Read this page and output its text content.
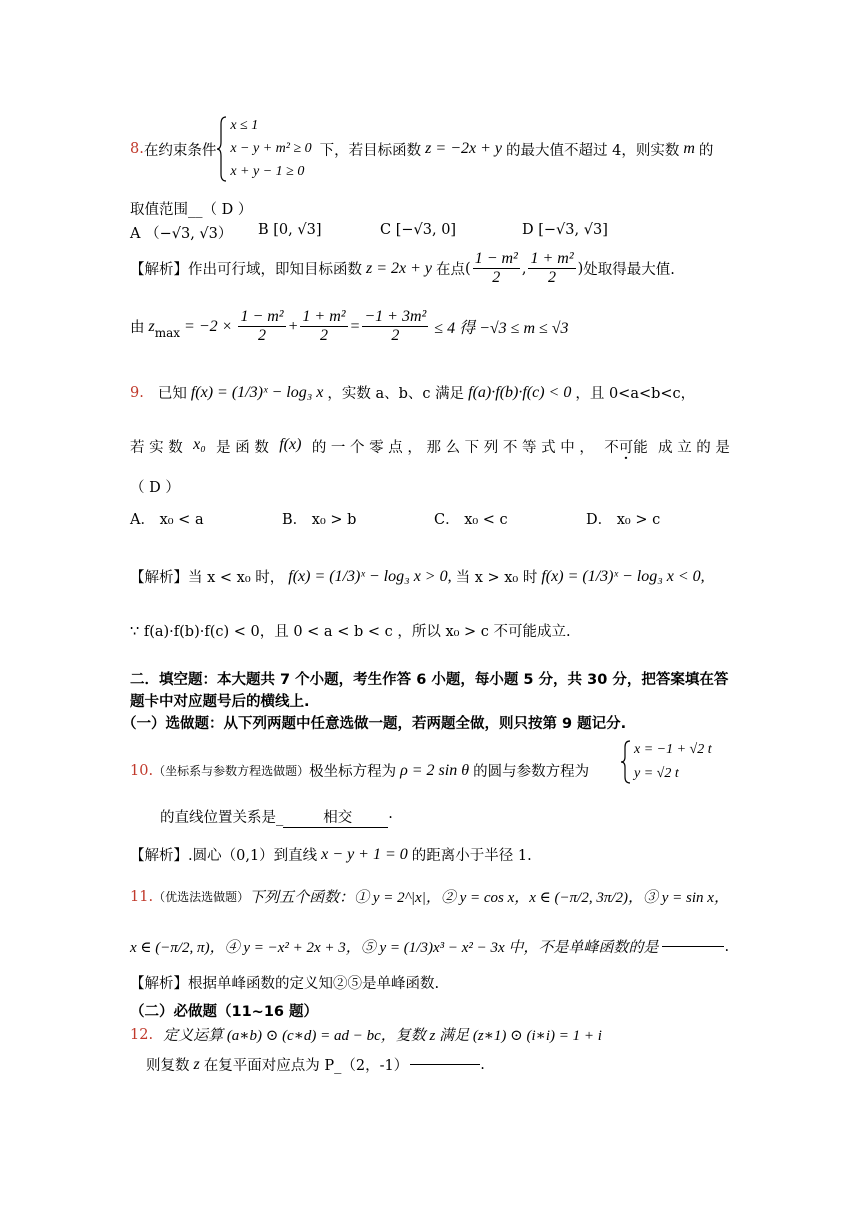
8. 在约束条件
x ≤ 1
x − y + m² ≥ 0
x + y − 1 ≥ 0
下，若目标函数 z = −2x + y 的最大值不超过 4，则实数 m 的
取值范围__（ D ）
A （−√3, √3）	B [0, √3]	C [−√3, 0]	D [−√3, √3]
【解析】 作出可行域，即知目标函数 z = 2x + y 在点 ( $\frac{\text{1 − m²}}{2}$ , $\frac{\text{1 + m²}}{2}$ ) 处取得最大值.
由 z $\max = -2 \times \frac{\text{1 − m²}}{2} + \frac{\text{1 + m²}}{2} = \frac{\text{−1 + 3m²}}{2} \le 4$ 得 −√3 ≤ m ≤ √3
9. 已知 f(x) = (1/3)ˣ − log₃ x ，实数 a、b、c 满足 f(a)·f(b)·f(c) < 0 ，且 0<a<b<c，
若 实 数 x₀ 是 函 数 f(x) 的 一 个 零 点 ， 那 么 下 列 不 等 式 中 ， 不可能 成 立 的 是
（ D ）
A． x₀ < a	B． x₀ > b	C． x₀ < c	D． x₀ > c
【解析】 当 x < x₀ 时， f(x) = (1/3)ˣ − log₃ x > 0, 当 x > x₀ 时 f(x) = (1/3)ˣ − log₃ x < 0,
∵ f(a)·f(b)·f(c) < 0，且 0 < a < b < c ，所以 x₀ > c 不可能成立.
二．填空题：本大题共 7 个小题，考生作答 6 小题，每小题 5 分，共 30 分，把答案填在答
题卡中对应题号后的横线上.
（一）选做题：从下列两题中任意选做一题，若两题全做，则只按第 9 题记分.
10. （坐标系与参数方程选做题） 极坐标方程为 ρ = 2 sin θ 的圆与参数方程为
x = −1 + √2 t
y = √2 t
的直线位置关系是_	相交	.
【解析】 .圆心（0,1）到直线 x − y + 1 = 0 的距离小于半径 1.
11. （优选法选做题） 下列五个函数：① y = 2^|x|，② y = cos x，x ∈ (−π/2, 3π/2)，③ y = sin x，
x ∈ (−π/2, π)，④ y = −x² + 2x + 3，⑤ y = (1/3)x³ − x² − 3x 中，不是单峰函数的是	.
【解析】根据单峰函数的定义知②⑤是单峰函数.
（二）必做题（11~16 题）
12. 定义运算 (a∗b) ⊙ (c∗d) = ad − bc，复数 z 满足 (z∗1) ⊙ (i∗i) = 1 + i
则复数 z 在复平面对应点为 P_（2，-1）	.
